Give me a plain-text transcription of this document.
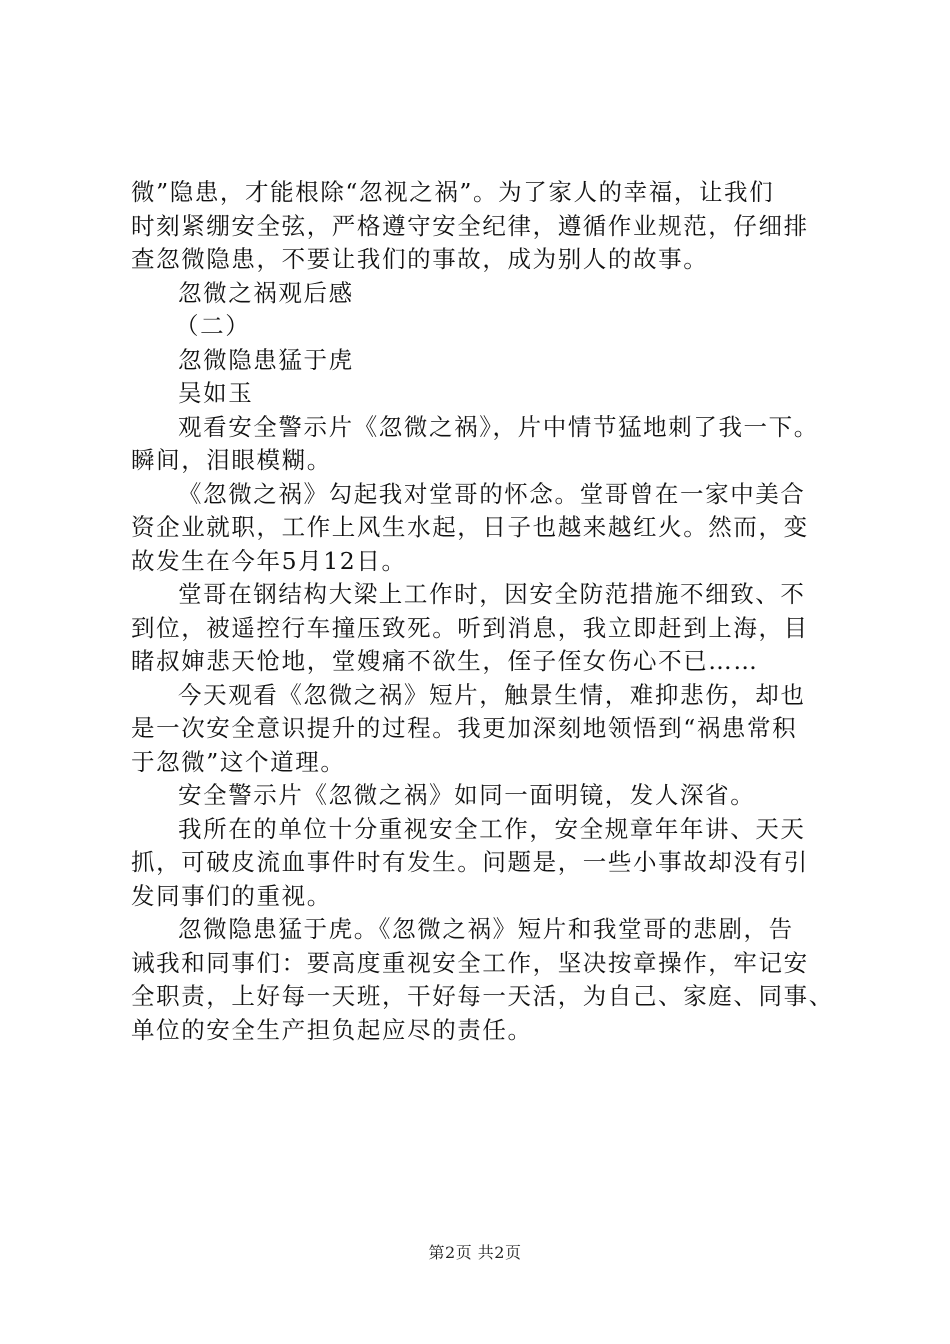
微”隐患，才能根除“忽视之祸”。为了家人的幸福，让我们
时刻紧绷安全弦，严格遵守安全纪律，遵循作业规范，仔细排
查忽微隐患，不要让我们的事故，成为别人的故事。
忽微之祸观后感
（二）
忽微隐患猛于虎
吴如玉
观看安全警示片《忽微之祸》，片中情节猛地刺了我一下。
瞬间，泪眼模糊。
《忽微之祸》勾起我对堂哥的怀念。堂哥曾在一家中美合
资企业就职，工作上风生水起，日子也越来越红火。然而，变
故发生在今年5月12日。
堂哥在钢结构大梁上工作时，因安全防范措施不细致、不
到位，被遥控行车撞压致死。听到消息，我立即赶到上海，目
睹叔婶悲天怆地，堂嫂痛不欲生，侄子侄女伤心不已……
今天观看《忽微之祸》短片，触景生情，难抑悲伤，却也
是一次安全意识提升的过程。我更加深刻地领悟到“祸患常积
于忽微”这个道理。
安全警示片《忽微之祸》如同一面明镜，发人深省。
我所在的单位十分重视安全工作，安全规章年年讲、天天
抓，可破皮流血事件时有发生。问题是，一些小事故却没有引
发同事们的重视。
忽微隐患猛于虎。《忽微之祸》短片和我堂哥的悲剧，告
诫我和同事们：要高度重视安全工作，坚决按章操作，牢记安
全职责，上好每一天班，干好每一天活，为自己、家庭、同事、
单位的安全生产担负起应尽的责任。
第2页 共2页
